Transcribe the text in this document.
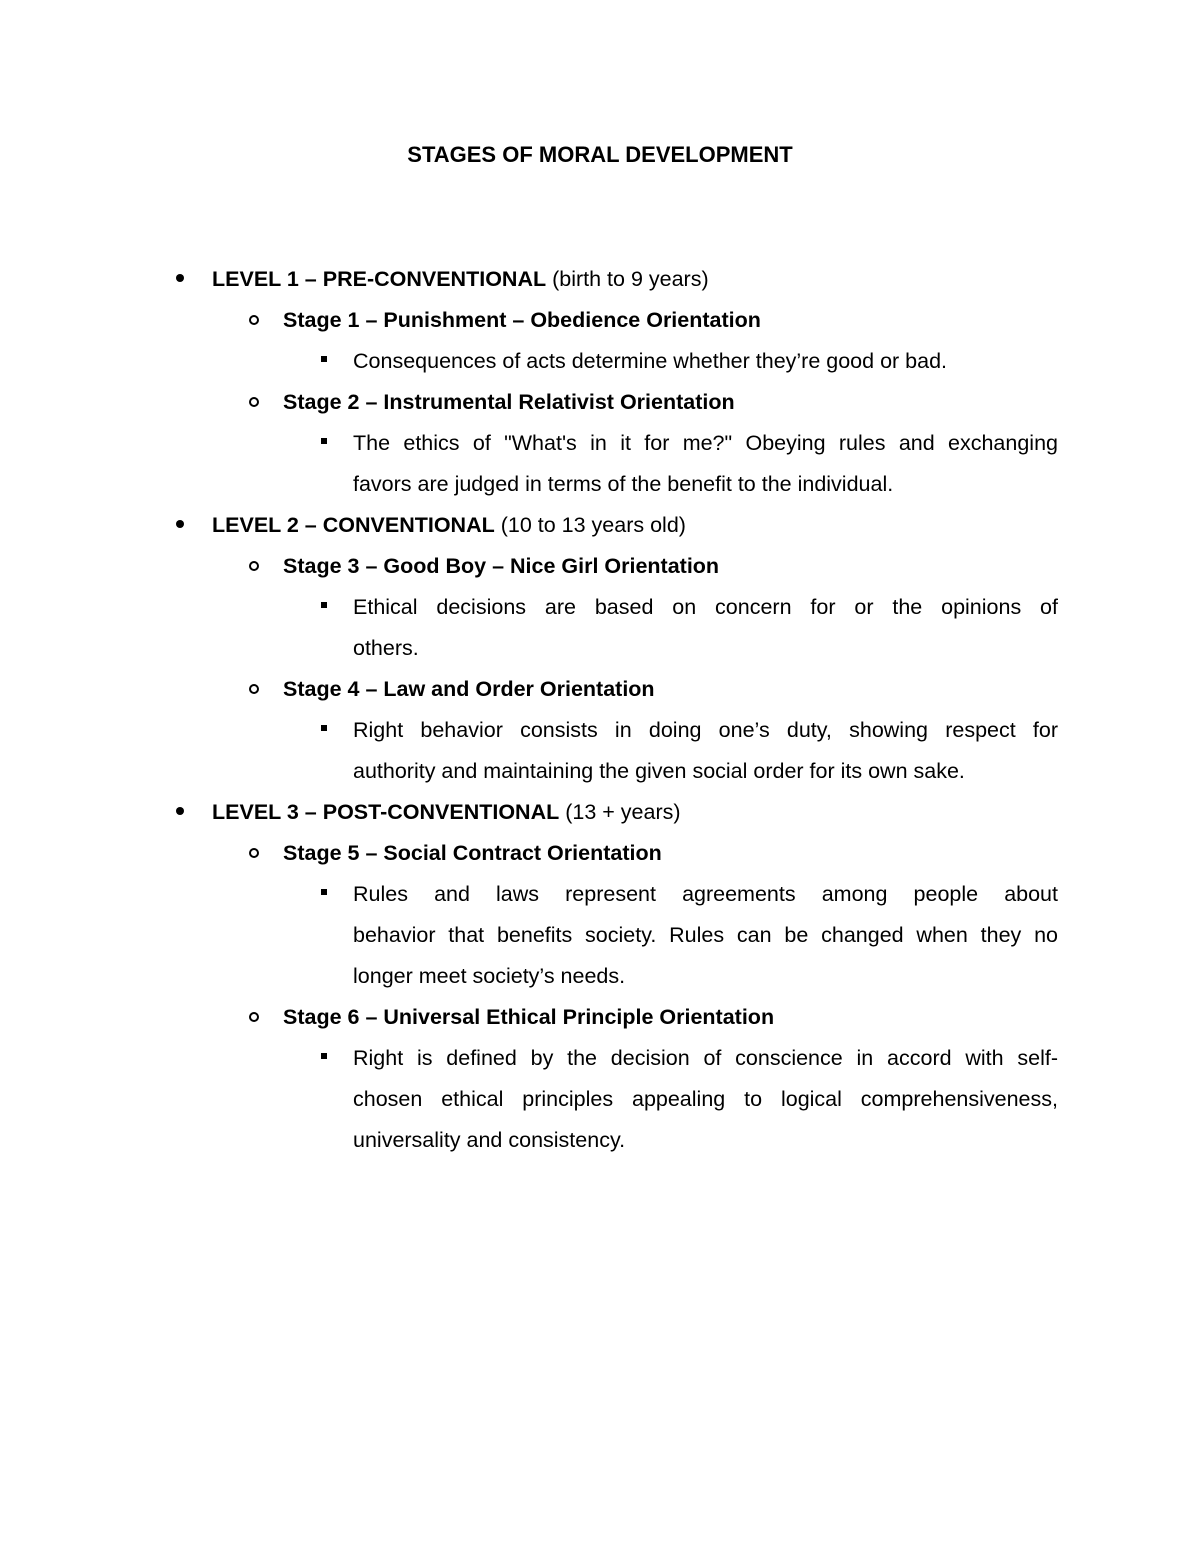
STAGES OF MORAL DEVELOPMENT
LEVEL 1 – PRE-CONVENTIONAL (birth to 9 years)
Stage 1 – Punishment – Obedience Orientation
Consequences of acts determine whether they’re good or bad.
Stage 2 – Instrumental Relativist Orientation
The ethics of "What's in it for me?" Obeying rules and exchanging
favors are judged in terms of the benefit to the individual.
LEVEL 2 – CONVENTIONAL (10 to 13 years old)
Stage 3 – Good Boy – Nice Girl Orientation
Ethical decisions are based on concern for or the opinions of
others.
Stage 4 – Law and Order Orientation
Right behavior consists in doing one’s duty, showing respect for
authority and maintaining the given social order for its own sake.
LEVEL 3 – POST-CONVENTIONAL (13 + years)
Stage 5 – Social Contract Orientation
Rules and laws represent agreements among people about
behavior that benefits society. Rules can be changed when they no
longer meet society’s needs.
Stage 6 – Universal Ethical Principle Orientation
Right is defined by the decision of conscience in accord with self-
chosen ethical principles appealing to logical comprehensiveness,
universality and consistency.
